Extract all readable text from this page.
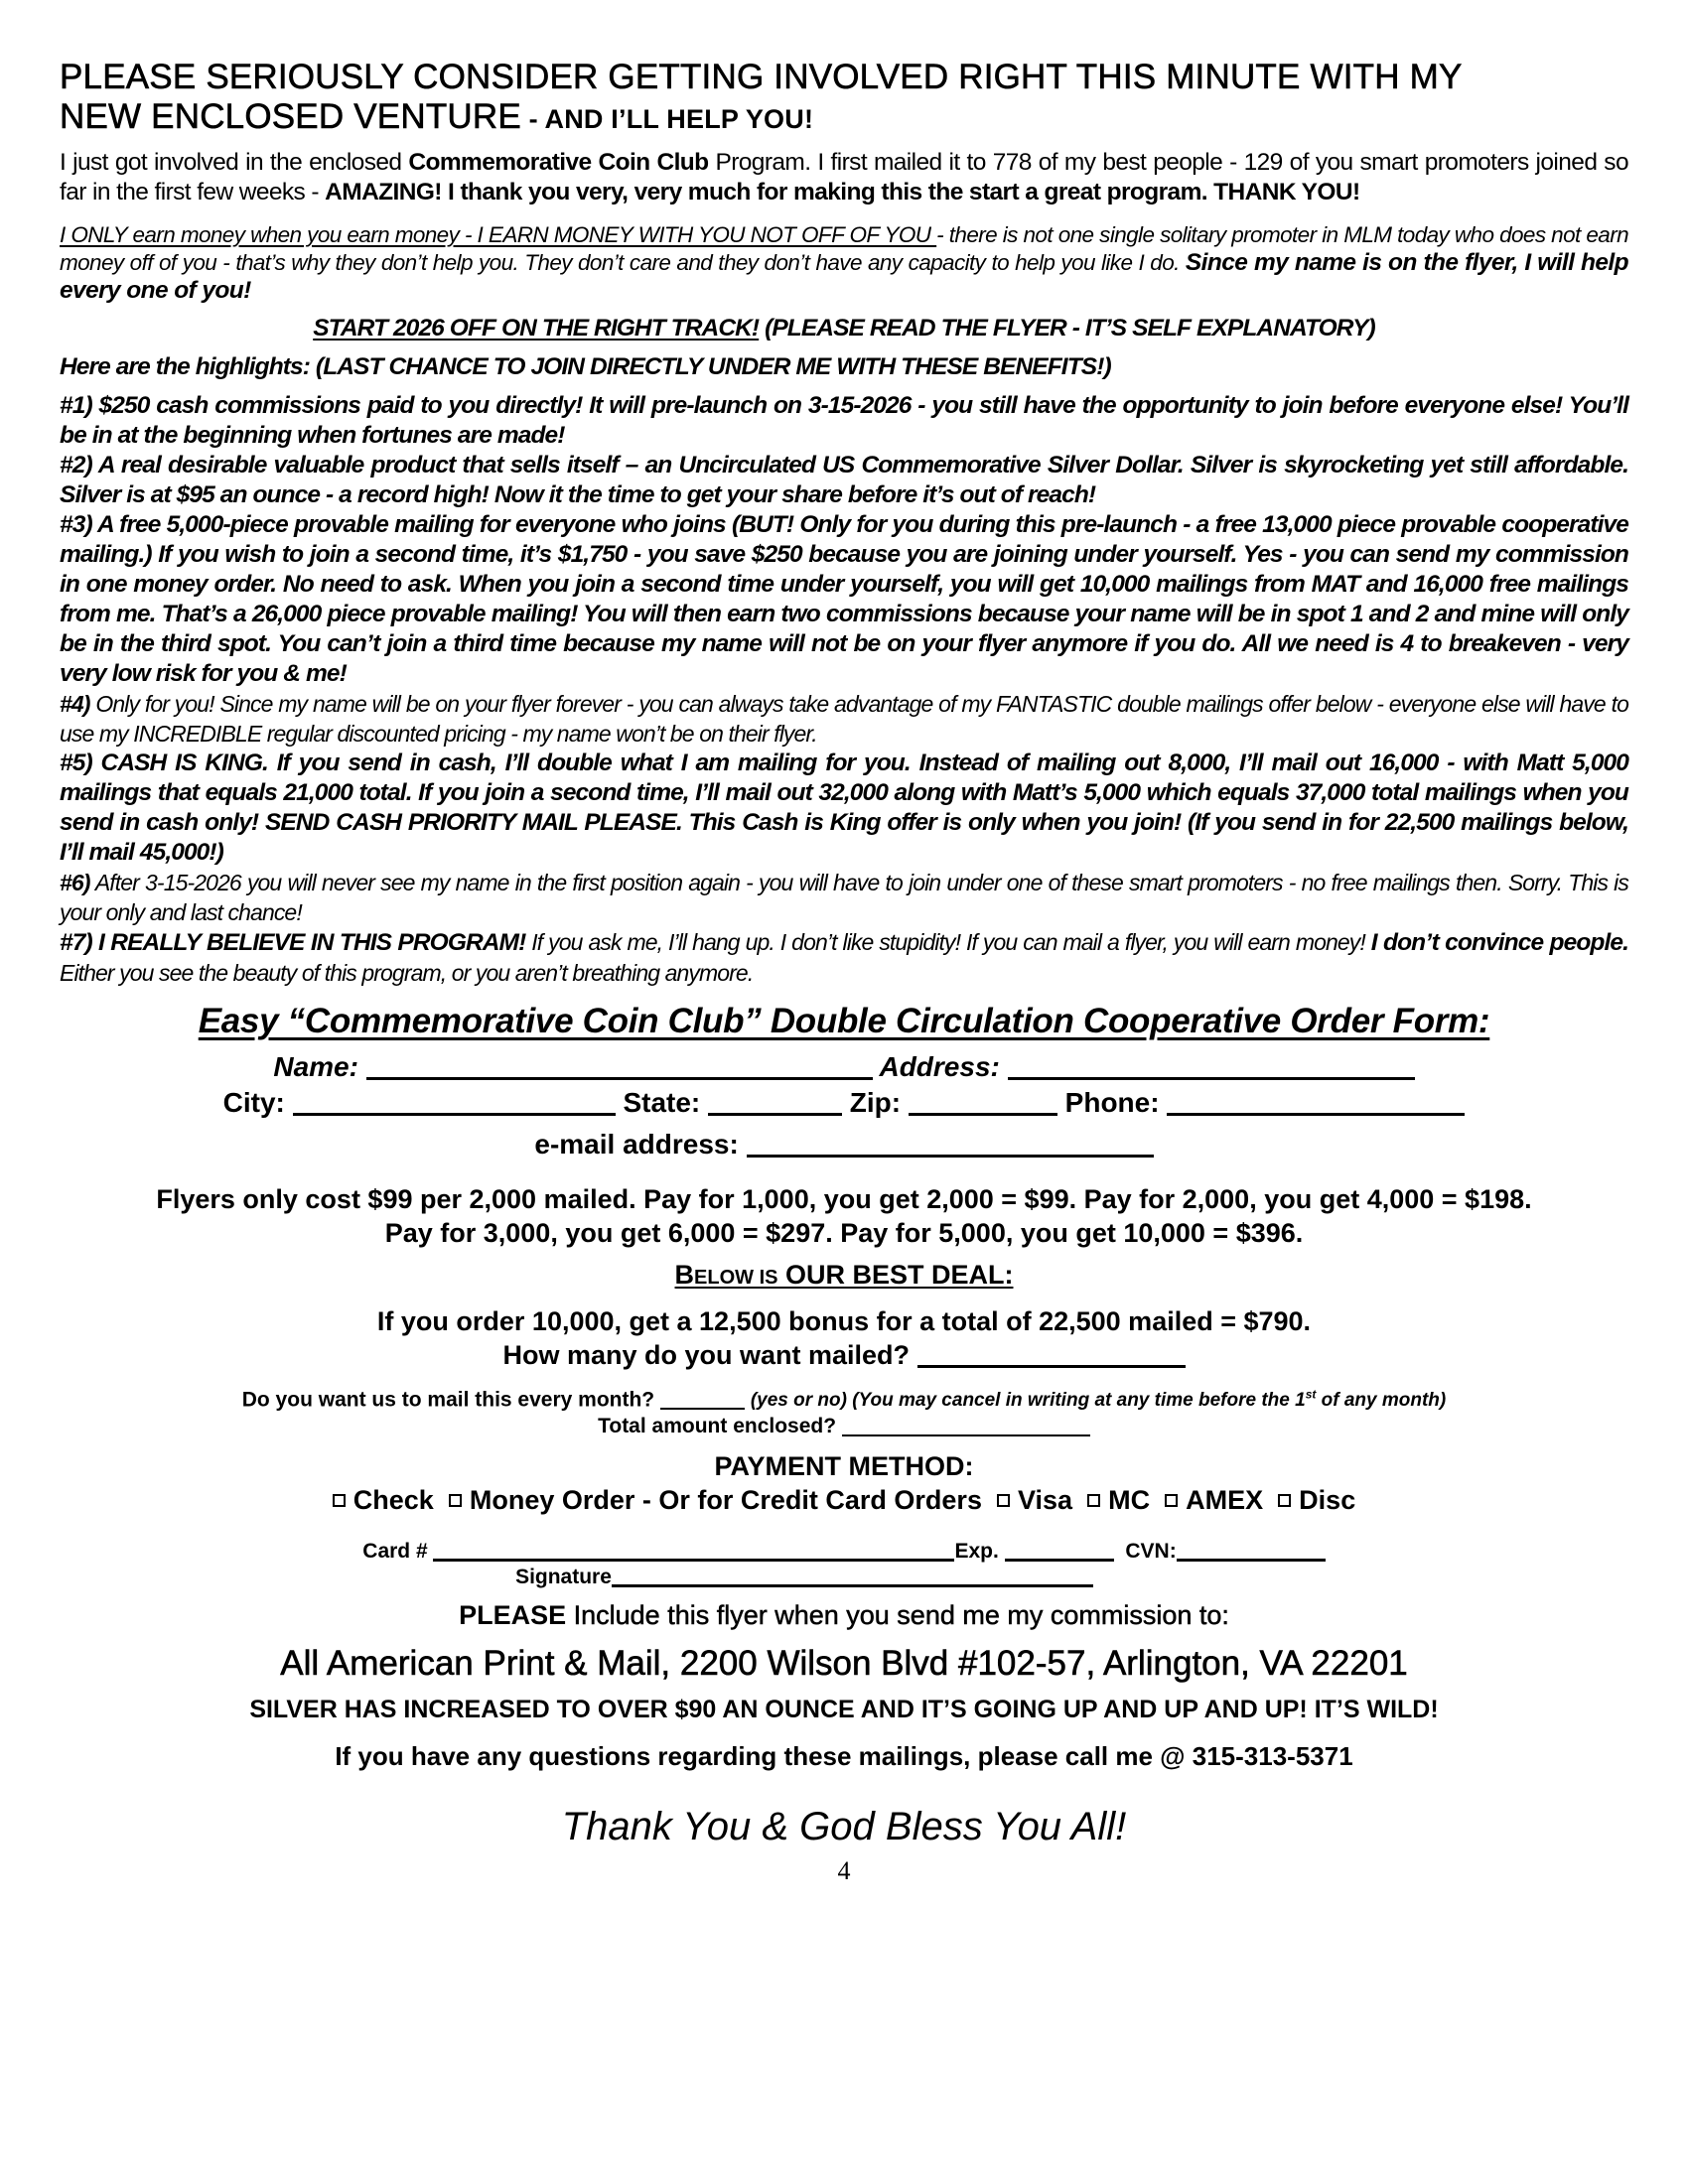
PLEASE SERIOUSLY CONSIDER GETTING INVOLVED RIGHT THIS MINUTE WITH MY
NEW ENCLOSED VENTURE - AND I’LL HELP YOU!

I just got involved in the enclosed Commemorative Coin Club Program. I first mailed it to 778 of my best people - 129 of you smart promoters joined so far in the first few weeks - AMAZING! I thank you very, very much for making this the start a great program. THANK YOU!

I ONLY earn money when you earn money - I EARN MONEY WITH YOU NOT OFF OF YOU - there is not one single solitary promoter in MLM today who does not earn money off of you - that’s why they don’t help you. They don’t care and they don’t have any capacity to help you like I do. Since my name is on the flyer, I will help every one of you!

START 2026 OFF ON THE RIGHT TRACK! (PLEASE READ THE FLYER - IT’S SELF EXPLANATORY)

Here are the highlights: (LAST CHANCE TO JOIN DIRECTLY UNDER ME WITH THESE BENEFITS!)

#1) $250 cash commissions paid to you directly! It will pre-launch on 3-15-2026 - you still have the opportunity to join before everyone else! You’ll be in at the beginning when fortunes are made!

#2) A real desirable valuable product that sells itself – an Uncirculated US Commemorative Silver Dollar. Silver is skyrocketing yet still affordable. Silver is at $95 an ounce - a record high! Now it the time to get your share before it’s out of reach!

#3) A free 5,000-piece provable mailing for everyone who joins (BUT! Only for you during this pre-launch - a free 13,000 piece provable cooperative mailing.) If you wish to join a second time, it’s $1,750 - you save $250 because you are joining under yourself. Yes - you can send my commission in one money order. No need to ask. When you join a second time under yourself, you will get 10,000 mailings from MAT and 16,000 free mailings from me. That’s a 26,000 piece provable mailing! You will then earn two commissions because your name will be in spot 1 and 2 and mine will only be in the third spot. You can’t join a third time because my name will not be on your flyer anymore if you do. All we need is 4 to breakeven - very very low risk for you & me!

#4) Only for you! Since my name will be on your flyer forever - you can always take advantage of my FANTASTIC double mailings offer below - everyone else will have to use my INCREDIBLE regular discounted pricing - my name won’t be on their flyer.

#5) CASH IS KING. If you send in cash, I’ll double what I am mailing for you. Instead of mailing out 8,000, I’ll mail out 16,000 - with Matt 5,000 mailings that equals 21,000 total. If you join a second time, I’ll mail out 32,000 along with Matt’s 5,000 which equals 37,000 total mailings when you send in cash only! SEND CASH PRIORITY MAIL PLEASE. This Cash is King offer is only when you join! (If you send in for 22,500 mailings below, I’ll mail 45,000!)

#6) After 3-15-2026 you will never see my name in the first position again - you will have to join under one of these smart promoters - no free mailings then. Sorry. This is your only and last chance!

#7) I REALLY BELIEVE IN THIS PROGRAM! If you ask me, I’ll hang up. I don’t like stupidity! If you can mail a flyer, you will earn money! I don’t convince people. Either you see the beauty of this program, or you aren’t breathing anymore.

Easy “Commemorative Coin Club” Double Circulation Cooperative Order Form:
Name:	Address:
City:	State:	Zip:	Phone:
e-mail address:
Flyers only cost $99 per 2,000 mailed. Pay for 1,000, you get 2,000 = $99. Pay for 2,000, you get 4,000 = $198.
Pay for 3,000, you get 6,000 = $297. Pay for 5,000, you get 10,000 = $396.
BELOW IS OUR BEST DEAL:
If you order 10,000, get a 12,500 bonus for a total of 22,500 mailed = $790.
How many do you want mailed?
Do you want us to mail this every month?	(yes or no) (You may cancel in writing at any time before the 1st of any month)
Total amount enclosed?
PAYMENT METHOD:
Check Money Order - Or for Credit Card Orders Visa MC AMEX Disc
Card #	Exp.	CVN:
Signature
PLEASE Include this flyer when you send me my commission to:
All American Print & Mail, 2200 Wilson Blvd #102-57, Arlington, VA 22201
SILVER HAS INCREASED TO OVER $90 AN OUNCE AND IT’S GOING UP AND UP AND UP! IT’S WILD!
If you have any questions regarding these mailings, please call me @ 315-313-5371
Thank You & God Bless You All!
4
